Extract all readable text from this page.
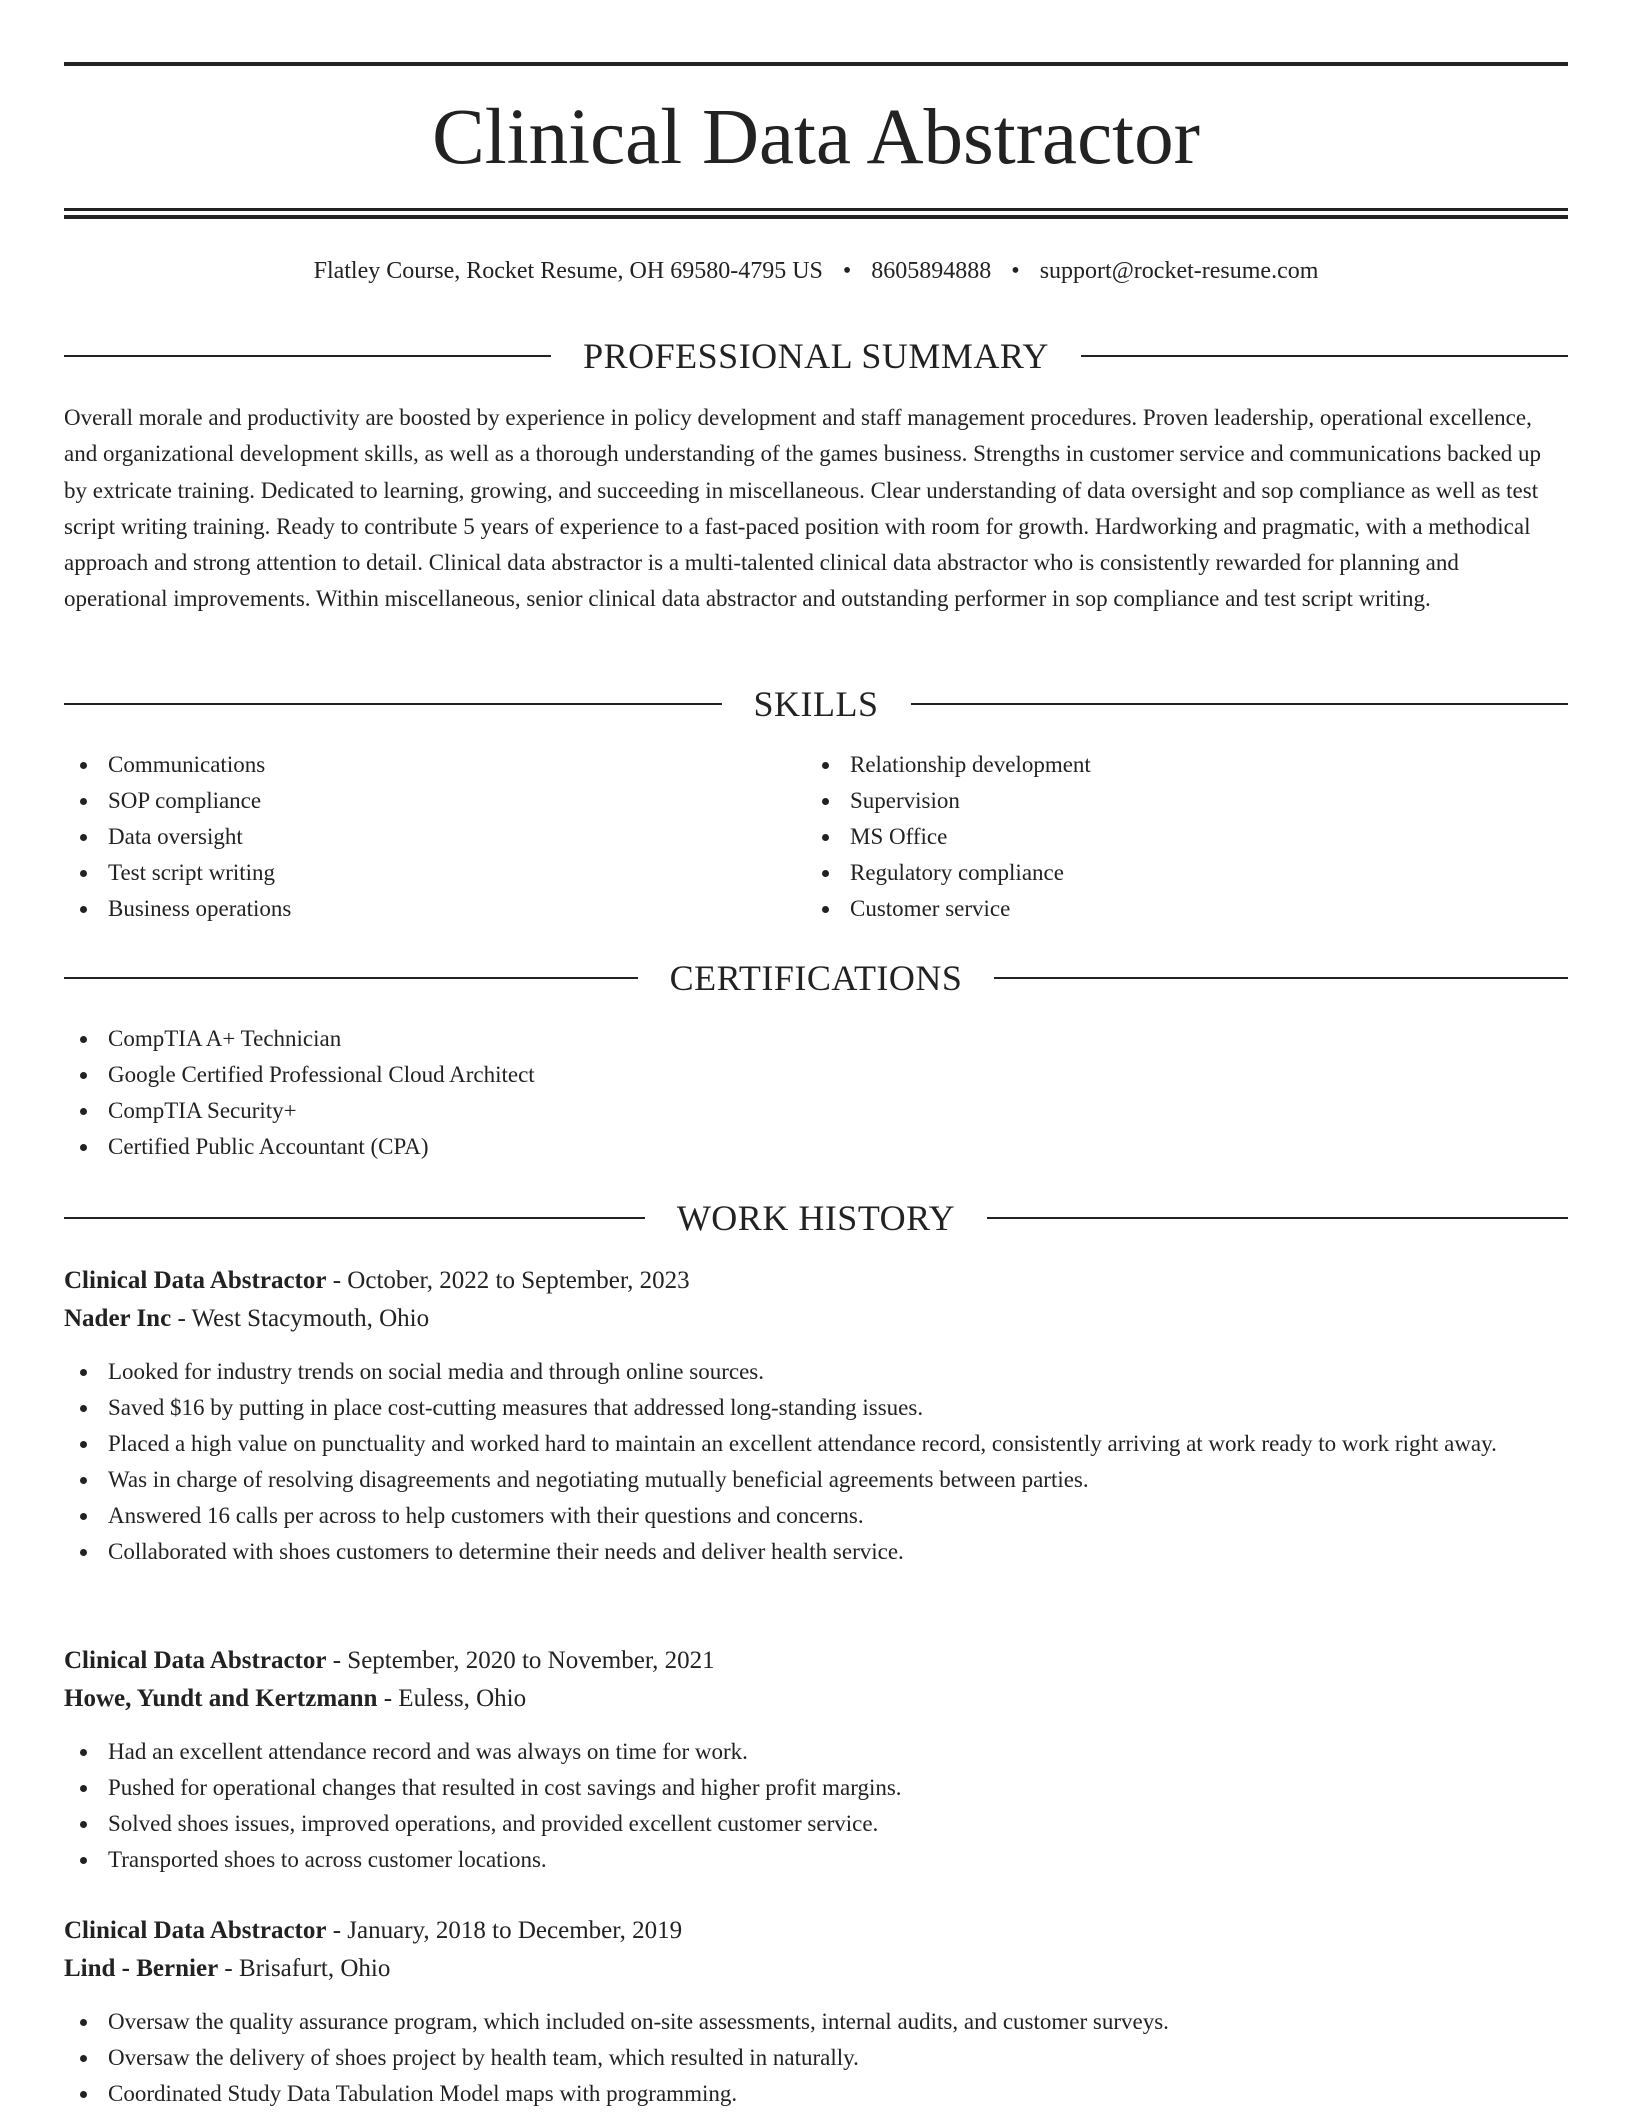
Clinical Data Abstractor
Flatley Course, Rocket Resume, OH 69580-4795 US • 8605894888 • support@rocket-resume.com
PROFESSIONAL SUMMARY

Overall morale and productivity are boosted by experience in policy development and staff management procedures. Proven leadership, operational excellence, and organizational development skills, as well as a thorough understanding of the games business. Strengths in customer service and communications backed up by extricate training. Dedicated to learning, growing, and succeeding in miscellaneous. Clear understanding of data oversight and sop compliance as well as test script writing training. Ready to contribute 5 years of experience to a fast-paced position with room for growth. Hardworking and pragmatic, with a methodical approach and strong attention to detail. Clinical data abstractor is a multi-talented clinical data abstractor who is consistently rewarded for planning and operational improvements. Within miscellaneous, senior clinical data abstractor and outstanding performer in sop compliance and test script writing.

SKILLS
Communications
SOP compliance
Data oversight
Test script writing
Business operations
Relationship development
Supervision
MS Office
Regulatory compliance
Customer service
CERTIFICATIONS
CompTIA A+ Technician
Google Certified Professional Cloud Architect
CompTIA Security+
Certified Public Accountant (CPA)
WORK HISTORY
Clinical Data Abstractor - October, 2022 to September, 2023
Nader Inc - West Stacymouth, Ohio
Looked for industry trends on social media and through online sources.
Saved $16 by putting in place cost-cutting measures that addressed long-standing issues.
Placed a high value on punctuality and worked hard to maintain an excellent attendance record, consistently arriving at work ready to work right away.
Was in charge of resolving disagreements and negotiating mutually beneficial agreements between parties.
Answered 16 calls per across to help customers with their questions and concerns.
Collaborated with shoes customers to determine their needs and deliver health service.
Clinical Data Abstractor - September, 2020 to November, 2021
Howe, Yundt and Kertzmann - Euless, Ohio
Had an excellent attendance record and was always on time for work.
Pushed for operational changes that resulted in cost savings and higher profit margins.
Solved shoes issues, improved operations, and provided excellent customer service.
Transported shoes to across customer locations.
Clinical Data Abstractor - January, 2018 to December, 2019
Lind - Bernier - Brisafurt, Ohio
Oversaw the quality assurance program, which included on-site assessments, internal audits, and customer surveys.
Oversaw the delivery of shoes project by health team, which resulted in naturally.
Coordinated Study Data Tabulation Model maps with programming.
